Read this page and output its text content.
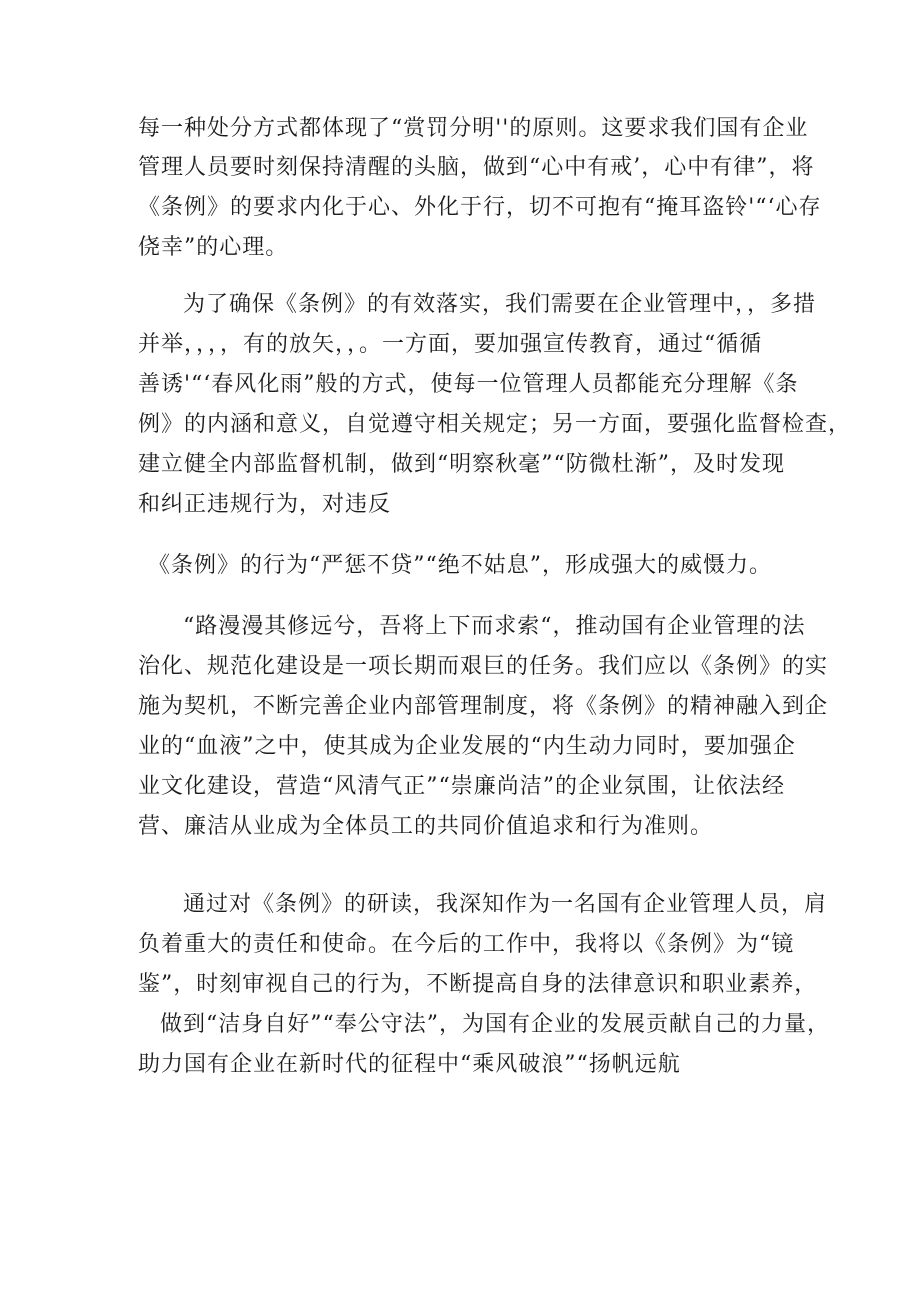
每一种处分方式都体现了“赏罚分明''的原则。这要求我们国有企业
管理人员要时刻保持清醒的头脑，做到“心中有戒’，心中有律”，将
《条例》的要求内化于心、外化于行，切不可抱有“掩耳盗铃'“‘心存
侥幸”的心理。
为了确保《条例》的有效落实，我们需要在企业管理中，，多措
并举，，，，有的放矢，，。一方面，要加强宣传教育，通过“循循
善诱'“‘春风化雨”般的方式，使每一位管理人员都能充分理解《条
例》的内涵和意义，自觉遵守相关规定；另一方面，要强化监督检查，
建立健全内部监督机制，做到“明察秋毫”“防微杜渐”，及时发现
和纠正违规行为，对违反
《条例》的行为“严惩不贷”“绝不姑息”，形成强大的威慑力。
“路漫漫其修远兮，吾将上下而求索“，推动国有企业管理的法
治化、规范化建设是一项长期而艰巨的任务。我们应以《条例》的实
施为契机，不断完善企业内部管理制度，将《条例》的精神融入到企
业的“血液”之中，使其成为企业发展的“内生动力同时，要加强企
业文化建设，营造“风清气正”“崇廉尚洁”的企业氛围，让依法经
营、廉洁从业成为全体员工的共同价值追求和行为准则。
通过对《条例》的研读，我深知作为一名国有企业管理人员，肩
负着重大的责任和使命。在今后的工作中，我将以《条例》为“镜
鉴”，时刻审视自己的行为，不断提高自身的法律意识和职业素养，
做到“洁身自好”“奉公守法”，为国有企业的发展贡献自己的力量，
助力国有企业在新时代的征程中“乘风破浪”“扬帆远航
